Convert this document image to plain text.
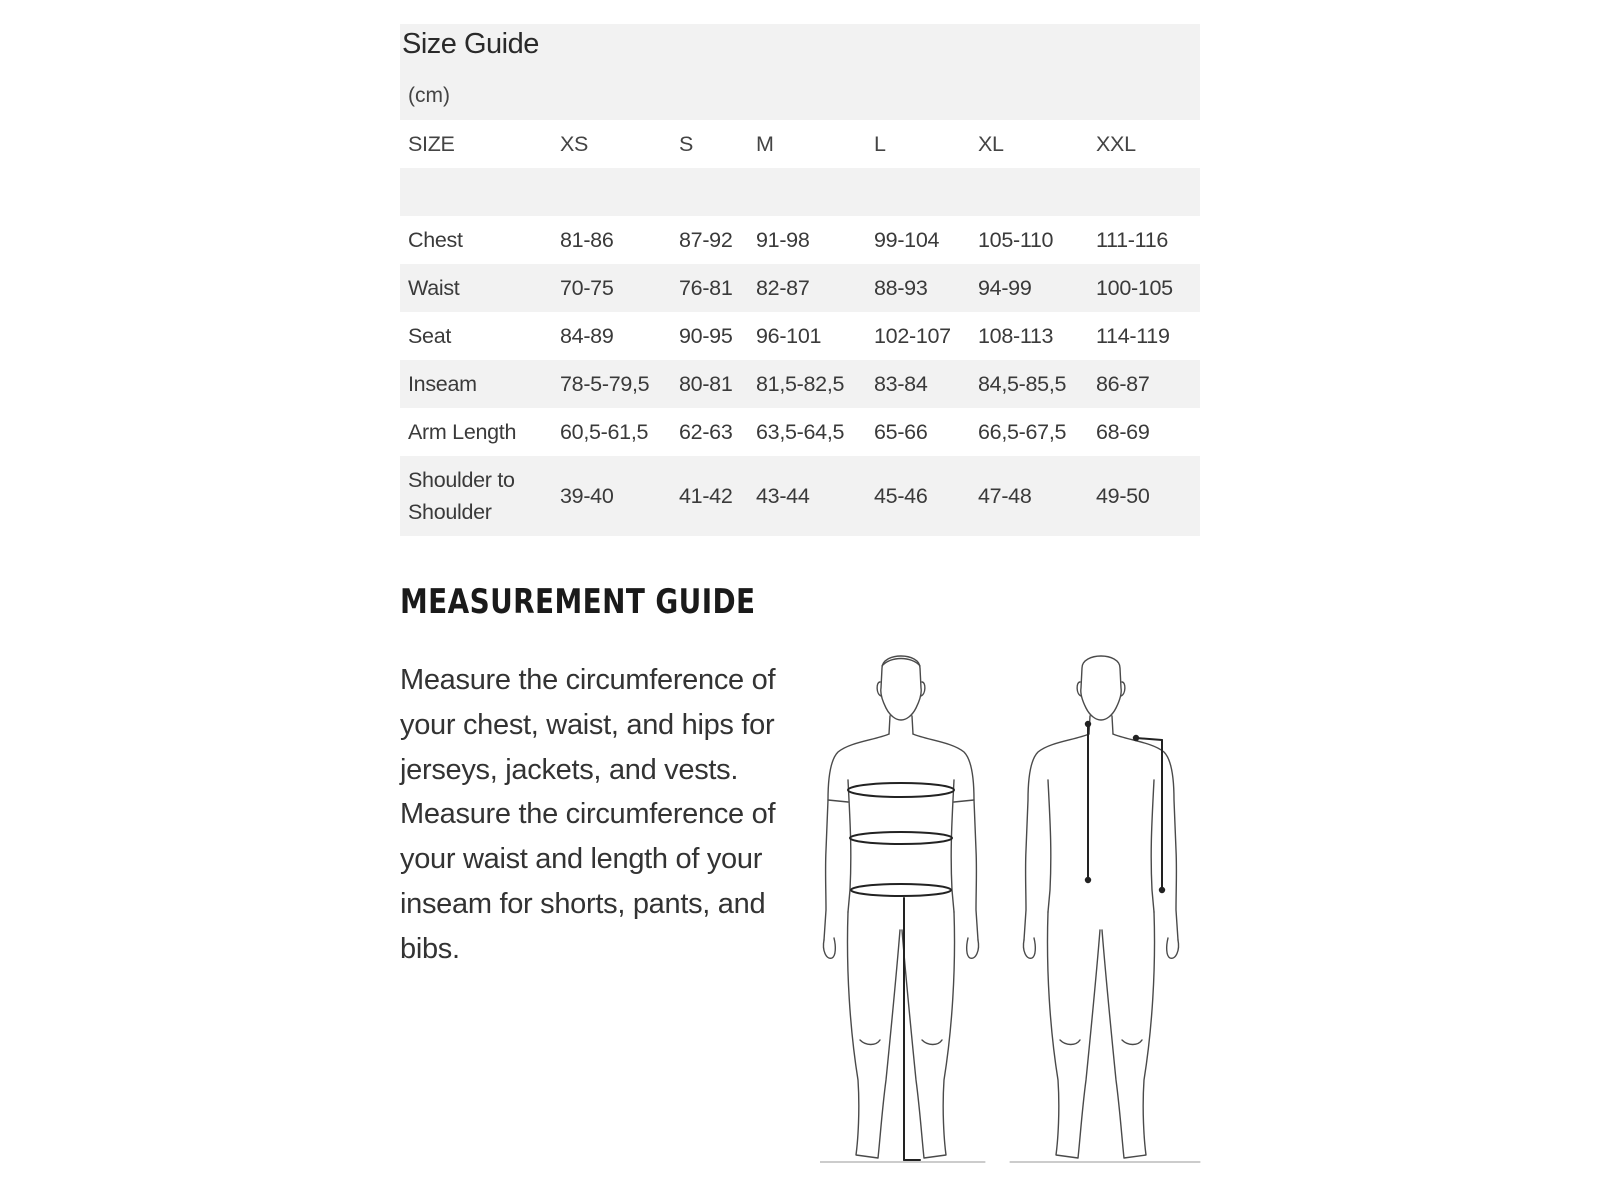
Size Guide
(cm)
SIZE	XS	S	M	L	XL	XXL

Chest	81-86	87-92	91-98	99-104	105-110	111-116
Waist	70-75	76-81	82-87	88-93	94-99	100-105
Seat	84-89	90-95	96-101	102-107	108-113	114-119
Inseam	78-5-79,5	80-81	81,5-82,5	83-84	84,5-85,5	86-87
Arm Length	60,5-61,5	62-63	63,5-64,5	65-66	66,5-67,5	68-69
Shoulder to Shoulder	39-40	41-42	43-44	45-46	47-48	49-50
MEASUREMENT GUIDE
Measure the circumference of your chest, waist, and hips for jerseys, jackets, and vests. Measure the circumference of your waist and length of your inseam for shorts, pants, and bibs.
